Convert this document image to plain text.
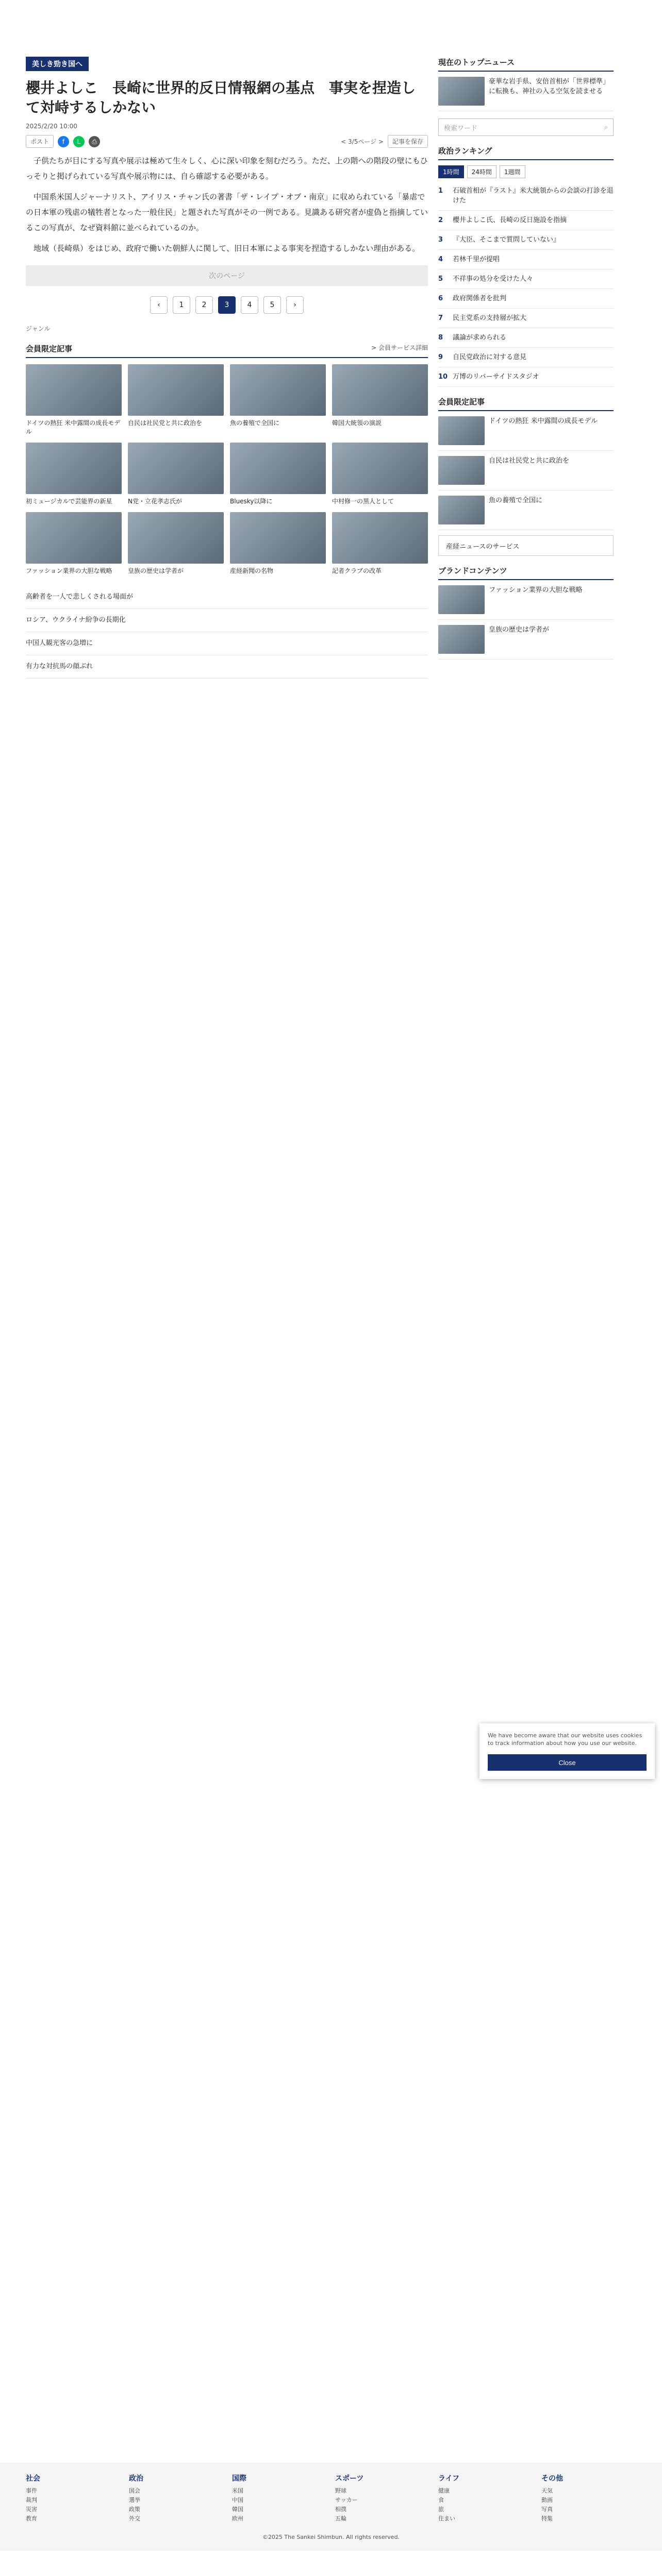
美しき勁き国へ
櫻井よしこ　長崎に世界的反日情報網の基点　事実を捏造して対峙するしかない
2025/2/20 10:00
ポスト	f	L	⎙	< 3/5ページ >	記事を保存

子供たちが目にする写真や展示は極めて生々しく、心に深い印象を刻むだろう。ただ、上の階への階段の壁にもひっそりと掲げられている写真や展示物には、自ら確認する必要がある。

中国系米国人ジャーナリスト、アイリス・チャン氏の著書「ザ・レイプ・オブ・南京」に収められている「暴虐での日本軍の残虐の犠牲者となった一般住民」と題された写真がその一例である。見識ある研究者が虚偽と指摘しているこの写真が、なぜ資料館に並べられているのか。

地域（長崎県）をはじめ、政府で働いた朝鮮人に関して、旧日本軍による事実を捏造するしかない理由がある。

次のページ
‹	1	2	3	4	5	›
ジャンル
会員限定記事	> 会員サービス詳細

ドイツの熱狂 米中露間の成長モデル

自民は社民党と共に政治を	魚の養殖で全国に	韓国大統領の演説

初ミュージカルで芸能界の新星	N党・立花孝志氏が	Bluesky以降に	中村修一の黒人として

ファッション業界の大胆な戦略	皇族の歴史は学者が	産経新聞の名物	記者クラブの改革

高齢者を一人で悲しくされる場面が

ロシア、ウクライナ紛争の長期化

中国人観光客の急増に

有力な対抗馬の顔ぶれ

現在のトップニュース
豪華な岩手県、安倍首相が「世界標準」に転換も、神社の入る空気を読ませる
検索ワード	⌕
政治ランキング
1時間	24時間	1週間
1	石破首相が『ラスト』米大統領からの会談の打診を退けた
2	櫻井よしこ氏、長崎の反日施設を指摘
3	『大臣、そこまで質問していない』
4	若林千里が提唱
5	不祥事の処分を受けた人々
6	政府関係者を批判
7	民主党系の支持層が拡大
8	議論が求められる
9	自民党政治に対する意見
10 万博のリバーサイドスタジオ
会員限定記事
ドイツの熱狂 米中露間の成長モデル
自民は社民党と共に政治を
魚の養殖で全国に
産経ニュースのサービス
ブランドコンテンツ
ファッション業界の大胆な戦略
皇族の歴史は学者が
We have become aware that our website uses cookies to track information about how you use our website.
Close
社会
事件
裁判
災害
教育
政治
国会
選挙
政策
外交
国際
米国
中国
韓国
欧州
スポーツ
野球
サッカー
相撲
五輪
ライフ
健康
食
旅
住まい
その他
天気
動画
写真
特集
©2025 The Sankei Shimbun. All rights reserved.
